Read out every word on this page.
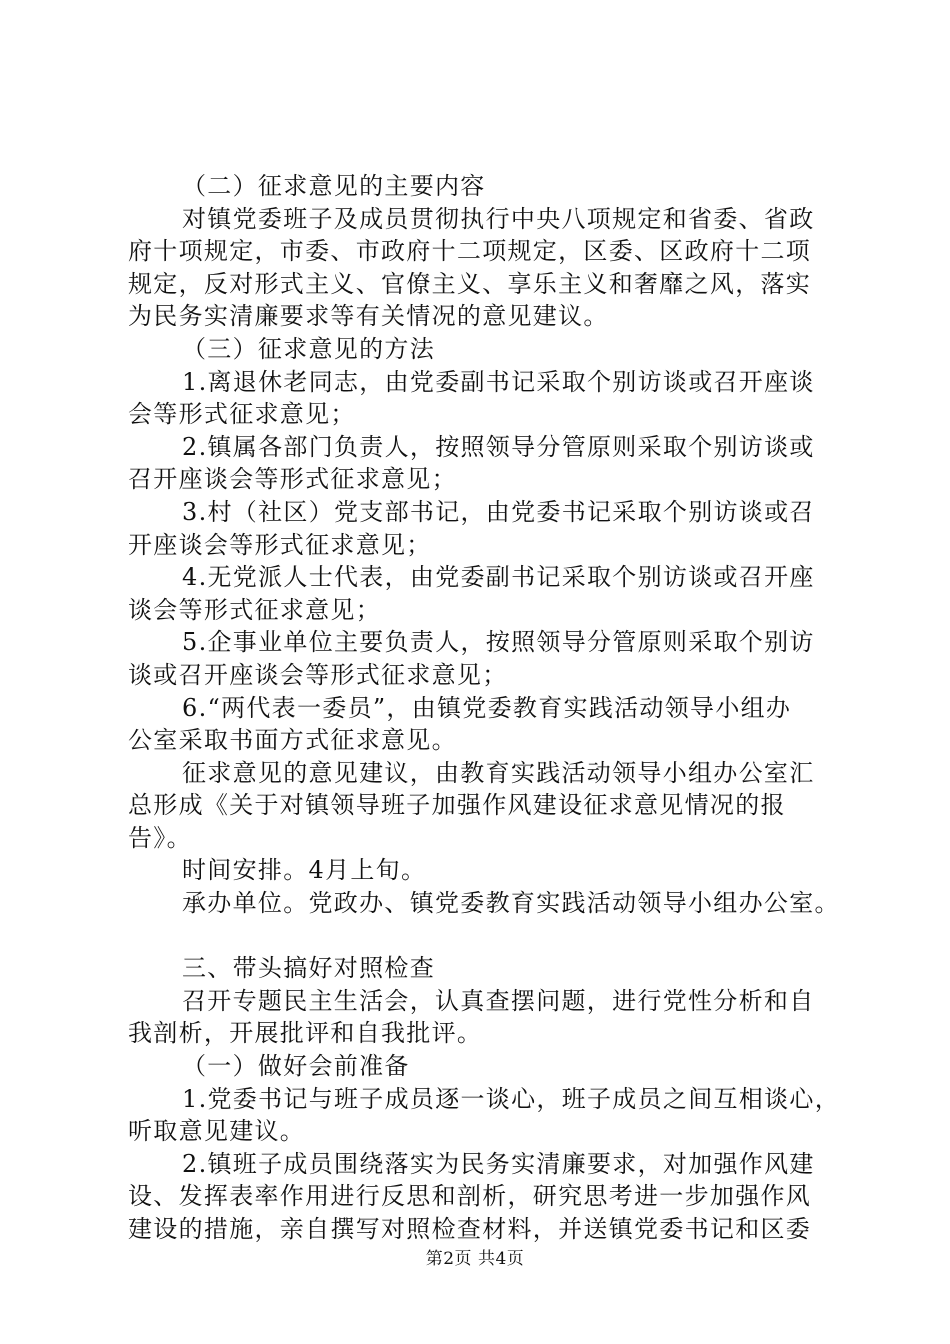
（二）征求意见的主要内容
对镇党委班子及成员贯彻执行中央八项规定和省委、省政
府十项规定，市委、市政府十二项规定，区委、区政府十二项
规定，反对形式主义、官僚主义、享乐主义和奢靡之风，落实
为民务实清廉要求等有关情况的意见建议。
（三）征求意见的方法
1.离退休老同志，由党委副书记采取个别访谈或召开座谈
会等形式征求意见；
2.镇属各部门负责人，按照领导分管原则采取个别访谈或
召开座谈会等形式征求意见；
3.村（社区）党支部书记，由党委书记采取个别访谈或召
开座谈会等形式征求意见；
4.无党派人士代表，由党委副书记采取个别访谈或召开座
谈会等形式征求意见；
5.企事业单位主要负责人，按照领导分管原则采取个别访
谈或召开座谈会等形式征求意见；
6.“两代表一委员”，由镇党委教育实践活动领导小组办
公室采取书面方式征求意见。
征求意见的意见建议，由教育实践活动领导小组办公室汇
总形成《关于对镇领导班子加强作风建设征求意见情况的报
告》。
时间安排。4月上旬。
承办单位。党政办、镇党委教育实践活动领导小组办公室。
三、带头搞好对照检查
召开专题民主生活会，认真查摆问题，进行党性分析和自
我剖析，开展批评和自我批评。
（一）做好会前准备
1.党委书记与班子成员逐一谈心，班子成员之间互相谈心，
听取意见建议。
2.镇班子成员围绕落实为民务实清廉要求，对加强作风建
设、发挥表率作用进行反思和剖析，研究思考进一步加强作风
建设的措施，亲自撰写对照检查材料，并送镇党委书记和区委
第2页 共4页
